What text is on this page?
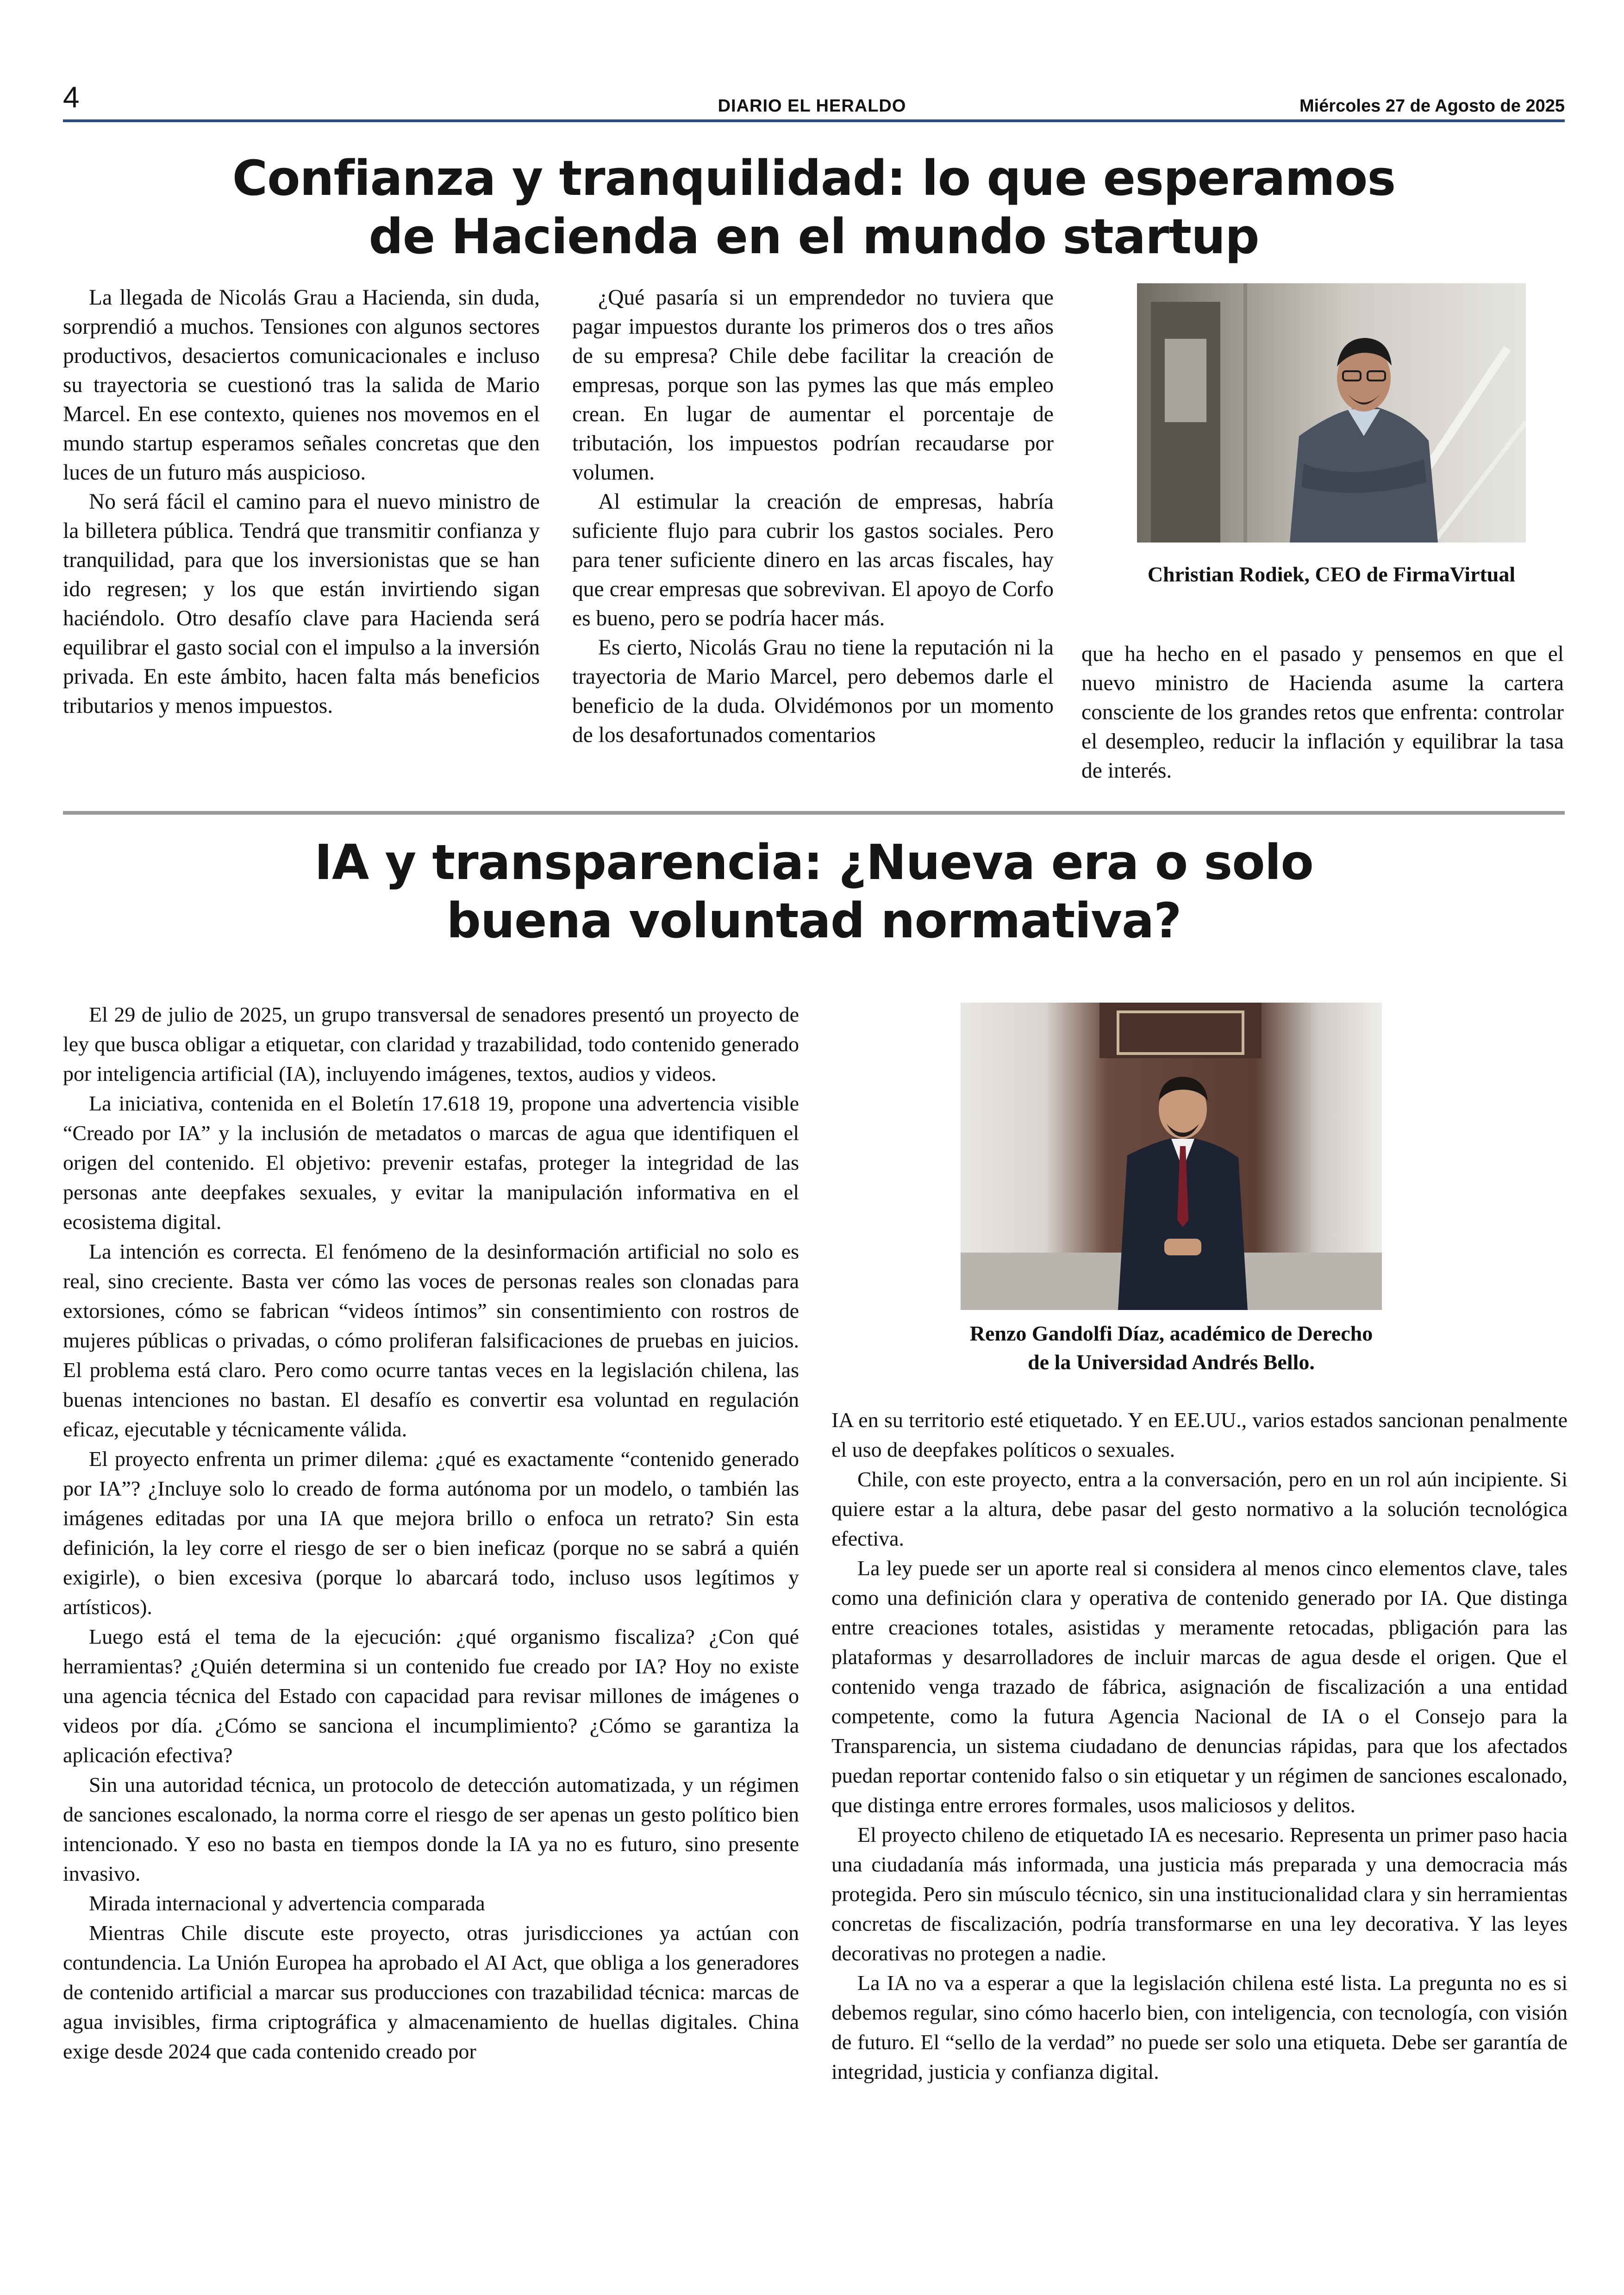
4	DIARIO EL HERALDO	Miércoles 27 de Agosto de 2025
Confianza y tranquilidad: lo que esperamos
de Hacienda en el mundo startup

La llegada de Nicolás Grau a Hacienda, sin duda, sorprendió a muchos. Tensiones con algunos sectores productivos, desaciertos comunicacionales e incluso su trayectoria se cuestionó tras la salida de Mario Marcel. En ese contexto, quienes nos movemos en el mundo startup esperamos señales concretas que den luces de un futuro más auspicioso.

No será fácil el camino para el nuevo ministro de la billetera pública. Tendrá que transmitir confianza y tranquilidad, para que los inversionistas que se han ido regresen; y los que están invirtiendo sigan haciéndolo. Otro desafío clave para Hacienda será equilibrar el gasto social con el impulso a la inversión privada. En este ámbito, hacen falta más beneficios tributarios y menos impuestos.

¿Qué pasaría si un emprendedor no tuviera que pagar impuestos durante los primeros dos o tres años de su empresa? Chile debe facilitar la creación de empresas, porque son las pymes las que más empleo crean. En lugar de aumentar el porcentaje de tributación, los impuestos podrían recaudarse por volumen.

Al estimular la creación de empresas, habría suficiente flujo para cubrir los gastos sociales. Pero para tener suficiente dinero en las arcas fiscales, hay que crear empresas que sobrevivan. El apoyo de Corfo es bueno, pero se podría hacer más.

Es cierto, Nicolás Grau no tiene la reputación ni la trayectoria de Mario Marcel, pero debemos darle el beneficio de la duda. Olvidémonos por un momento de los desafortunados comentarios

Christian Rodiek, CEO de FirmaVirtual

que ha hecho en el pasado y pensemos en que el nuevo ministro de Hacienda asume la cartera consciente de los grandes retos que enfrenta: controlar el desempleo, reducir la inflación y equilibrar la tasa de interés.

IA y transparencia: ¿Nueva era o solo
buena voluntad normativa?

El 29 de julio de 2025, un grupo transversal de senadores presentó un proyecto de ley que busca obligar a etiquetar, con claridad y trazabilidad, todo contenido generado por inteligencia artificial (IA), incluyendo imágenes, textos, audios y videos.

La iniciativa, contenida en el Boletín 17.618 19, propone una advertencia visible “Creado por IA” y la inclusión de metadatos o marcas de agua que identifiquen el origen del contenido. El objetivo: prevenir estafas, proteger la integridad de las personas ante deepfakes sexuales, y evitar la manipulación informativa en el ecosistema digital.

La intención es correcta. El fenómeno de la desinformación artificial no solo es real, sino creciente. Basta ver cómo las voces de personas reales son clonadas para extorsiones, cómo se fabrican “videos íntimos” sin consentimiento con rostros de mujeres públicas o privadas, o cómo proliferan falsificaciones de pruebas en juicios. El problema está claro. Pero como ocurre tantas veces en la legislación chilena, las buenas intenciones no bastan. El desafío es convertir esa voluntad en regulación eficaz, ejecutable y técnicamente válida.

El proyecto enfrenta un primer dilema: ¿qué es exactamente “contenido generado por IA”? ¿Incluye solo lo creado de forma autónoma por un modelo, o también las imágenes editadas por una IA que mejora brillo o enfoca un retrato? Sin esta definición, la ley corre el riesgo de ser o bien ineficaz (porque no se sabrá a quién exigirle), o bien excesiva (porque lo abarcará todo, incluso usos legítimos y artísticos).

Luego está el tema de la ejecución: ¿qué organismo fiscaliza? ¿Con qué herramientas? ¿Quién determina si un contenido fue creado por IA? Hoy no existe una agencia técnica del Estado con capacidad para revisar millones de imágenes o videos por día. ¿Cómo se sanciona el incumplimiento? ¿Cómo se garantiza la aplicación efectiva?

Sin una autoridad técnica, un protocolo de detección automatizada, y un régimen de sanciones escalonado, la norma corre el riesgo de ser apenas un gesto político bien intencionado. Y eso no basta en tiempos donde la IA ya no es futuro, sino presente invasivo.

Mirada internacional y advertencia comparada

Mientras Chile discute este proyecto, otras jurisdicciones ya actúan con contundencia. La Unión Europea ha aprobado el AI Act, que obliga a los generadores de contenido artificial a marcar sus producciones con trazabilidad técnica: marcas de agua invisibles, firma criptográfica y almacenamiento de huellas digitales. China exige desde 2024 que cada contenido creado por

Renzo Gandolfi Díaz, académico de Derecho
de la Universidad Andrés Bello.

IA en su territorio esté etiquetado. Y en EE.UU., varios estados sancionan penalmente el uso de deepfakes políticos o sexuales.

Chile, con este proyecto, entra a la conversación, pero en un rol aún incipiente. Si quiere estar a la altura, debe pasar del gesto normativo a la solución tecnológica efectiva.

La ley puede ser un aporte real si considera al menos cinco elementos clave, tales como una definición clara y operativa de contenido generado por IA. Que distinga entre creaciones totales, asistidas y meramente retocadas, pbligación para las plataformas y desarrolladores de incluir marcas de agua desde el origen. Que el contenido venga trazado de fábrica, asignación de fiscalización a una entidad competente, como la futura Agencia Nacional de IA o el Consejo para la Transparencia, un sistema ciudadano de denuncias rápidas, para que los afectados puedan reportar contenido falso o sin etiquetar y un régimen de sanciones escalonado, que distinga entre errores formales, usos maliciosos y delitos.

El proyecto chileno de etiquetado IA es necesario. Representa un primer paso hacia una ciudadanía más informada, una justicia más preparada y una democracia más protegida. Pero sin músculo técnico, sin una institucionalidad clara y sin herramientas concretas de fiscalización, podría transformarse en una ley decorativa. Y las leyes decorativas no protegen a nadie.

La IA no va a esperar a que la legislación chilena esté lista. La pregunta no es si debemos regular, sino cómo hacerlo bien, con inteligencia, con tecnología, con visión de futuro. El “sello de la verdad” no puede ser solo una etiqueta. Debe ser garantía de integridad, justicia y confianza digital.
